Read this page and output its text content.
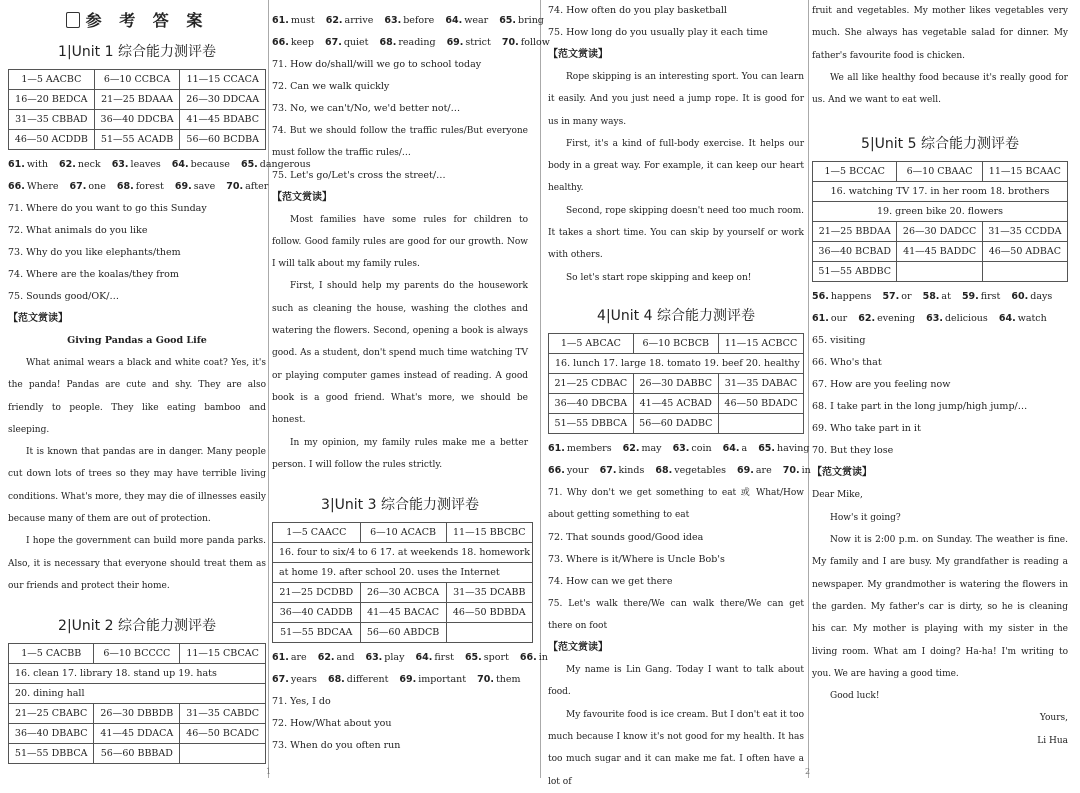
参 考 答 案
1|Unit 1 综合能力测评卷
1—5 AACBC	6—10 CCBCA	11—15 CCACA
16—20 BEDCA	21—25 BDAAA	26—30 DDCAA
31—35 CBBAD	36—40 DDCBA	41—45 BDABC
46—50 ACDDB	51—55 ACADB	56—60 BCDBA
61. with 62. neck 63. leaves 64. because 65. dangerous
66. Where 67. one 68. forest 69. save 70. after
71. Where do you want to go this Sunday
72. What animals do you like
73. Why do you like elephants/them
74. Where are the koalas/they from
75. Sounds good/OK/…
【范文赏读】
Giving Pandas a Good Life
What animal wears a black and white coat? Yes, it's the panda! Pandas are cute and shy. They are also friendly to people. They like eating bamboo and sleeping.
It is known that pandas are in danger. Many people cut down lots of trees so they may have terrible living conditions. What's more, they may die of illnesses easily because many of them are out of protection.
I hope the government can build more panda parks. Also, it is necessary that everyone should treat them as our friends and protect their home.
2|Unit 2 综合能力测评卷
1—5 CACBB	6—10 BCCCC	11—15 CBCAC
16. clean 17. library 18. stand up 19. hats		
20. dining hall		
21—25 CBABC	26—30 DBBDB	31—35 CABDC
36—40 DBABC	41—45 DDACA	46—50 BCADC
51—55 DBBCA	56—60 BBBAD	
61. must 62. arrive 63. before 64. wear 65. bring
66. keep 67. quiet 68. reading 69. strict 70. follow
71. How do/shall/will we go to school today
72. Can we walk quickly
73. No, we can't/No, we'd better not/…
74. But we should follow the traffic rules/But everyone must follow the traffic rules/…
75. Let's go/Let's cross the street/…
【范文赏读】
Most families have some rules for children to follow. Good family rules are good for our growth. Now I will talk about my family rules.
First, I should help my parents do the housework such as cleaning the house, washing the clothes and watering the flowers. Second, opening a book is always good. As a student, don't spend much time watching TV or playing computer games instead of reading. A good book is a good friend. What's more, we should be honest.
In my opinion, my family rules make me a better person. I will follow the rules strictly.
3|Unit 3 综合能力测评卷
1—5 CAACC	6—10 ACACB	11—15 BBCBC
16. four to six/4 to 6 17. at weekends 18. homework		
at home 19. after school 20. uses the Internet		
21—25 DCDBD	26—30 ACBCA	31—35 DCABB
36—40 CADDB	41—45 BACAC	46—50 BDBDA
51—55 BDCAA	56—60 ABDCB	
61. are 62. and 63. play 64. first 65. sport 66. in
67. years 68. different 69. important 70. them
71. Yes, I do
72. How/What about you
73. When do you often run
74. How often do you play basketball
75. How long do you usually play it each time
【范文赏读】
Rope skipping is an interesting sport. You can learn it easily. And you just need a jump rope. It is good for us in many ways.
First, it's a kind of full-body exercise. It helps our body in a great way. For example, it can keep our heart healthy.
Second, rope skipping doesn't need too much room. It takes a short time. You can skip by yourself or work with others.
So let's start rope skipping and keep on!
4|Unit 4 综合能力测评卷
1—5 ABCAC	6—10 BCBCB	11—15 ACBCC
16. lunch 17. large 18. tomato 19. beef 20. healthy		
21—25 CDBAC	26—30 DABBC	31—35 DABAC
36—40 DBCBA	41—45 ACBAD	46—50 BDADC
51—55 DBBCA	56—60 DADBC	
61. members 62. may 63. coin 64. a 65. having
66. your 67. kinds 68. vegetables 69. are 70. in
71. Why don't we get something to eat 或 What/How about getting something to eat
72. That sounds good/Good idea
73. Where is it/Where is Uncle Bob's
74. How can we get there
75. Let's walk there/We can walk there/We can get there on foot
【范文赏读】
My name is Lin Gang. Today I want to talk about food.
My favourite food is ice cream. But I don't eat it too much because I know it's not good for my health. It has too much sugar and it can make me fat. I often have a lot of
fruit and vegetables. My mother likes vegetables very much. She always has vegetable salad for dinner. My father's favourite food is chicken.
We all like healthy food because it's really good for us. And we want to eat well.
5|Unit 5 综合能力测评卷
1—5 BCCAC	6—10 CBAAC	11—15 BCAAC
16. watching TV 17. in her room 18. brothers		
19. green bike 20. flowers		
21—25 BBDAA	26—30 DADCC	31—35 CCDDA
36—40 BCBAD	41—45 BADDC	46—50 ADBAC
51—55 ABDBC		
56. happens 57. or 58. at 59. first 60. days
61. our 62. evening 63. delicious 64. watch
65. visiting
66. Who's that
67. How are you feeling now
68. I take part in the long jump/high jump/…
69. Who take part in it
70. But they lose
【范文赏读】
Dear Mike,
How's it going?
Now it is 2:00 p.m. on Sunday. The weather is fine. My family and I are busy. My grandfather is reading a newspaper. My grandmother is watering the flowers in the garden. My father's car is dirty, so he is cleaning his car. My mother is playing with my sister in the living room. What am I doing? Ha-ha! I'm writing to you. We are having a good time.
Good luck!
Yours,
Li Hua
1	2
